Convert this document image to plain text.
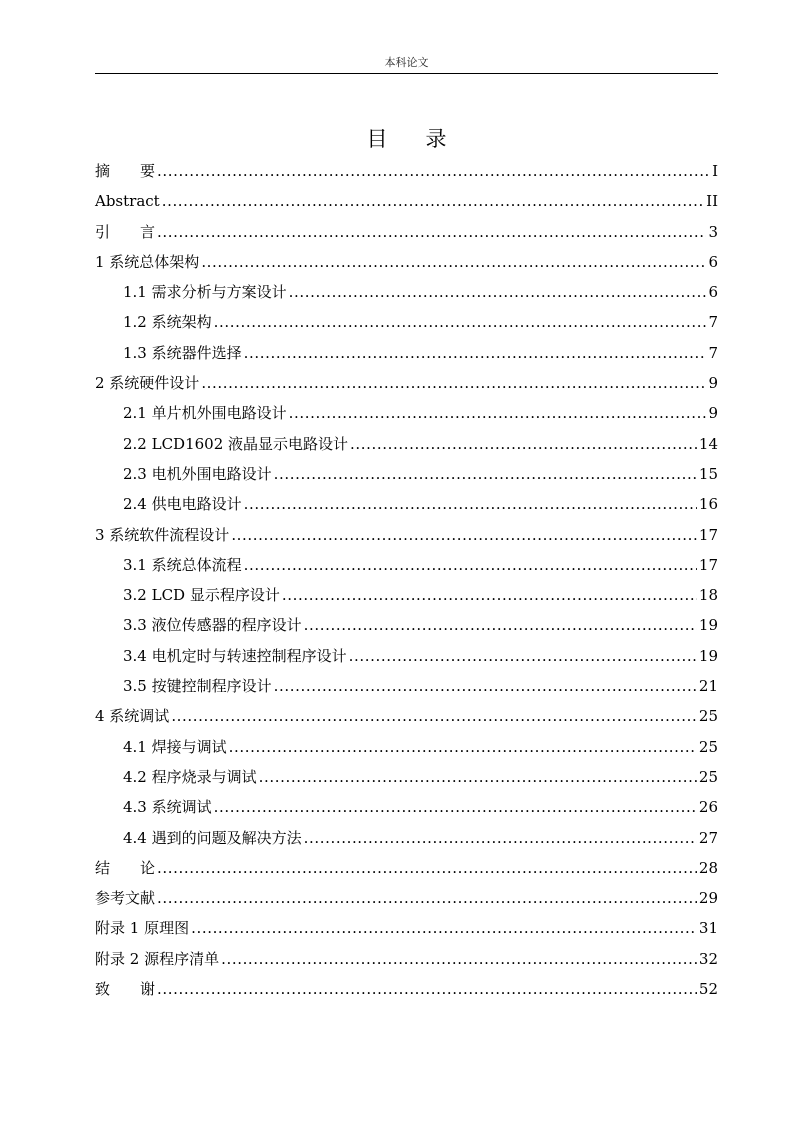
本科论文
目录
摘　　要 .....	I
Abstract .....	II
引　　言 .....	3
1 系统总体架构 .....	6
1.1 需求分析与方案设计 .....	6
1.2 系统架构 .....	7
1.3 系统器件选择 .....	7
2 系统硬件设计 .....	9
2.1 单片机外围电路设计 .....	9
2.2 LCD1602 液晶显示电路设计 .....	14
2.3 电机外围电路设计 .....	15
2.4 供电电路设计 .....	16
3 系统软件流程设计 .....	17
3.1 系统总体流程 .....	17
3.2 LCD 显示程序设计 .....	18
3.3 液位传感器的程序设计 .....	19
3.4 电机定时与转速控制程序设计 .....	19
3.5 按键控制程序设计 .....	21
4 系统调试 .....	25
4.1 焊接与调试 .....	25
4.2 程序烧录与调试 .....	25
4.3 系统调试 .....	26
4.4 遇到的问题及解决方法 .....	27
结　　论 .....	28
参考文献 .....	29
附录 1 原理图 .....	31
附录 2 源程序清单 .....	32
致　　谢 .....	52
